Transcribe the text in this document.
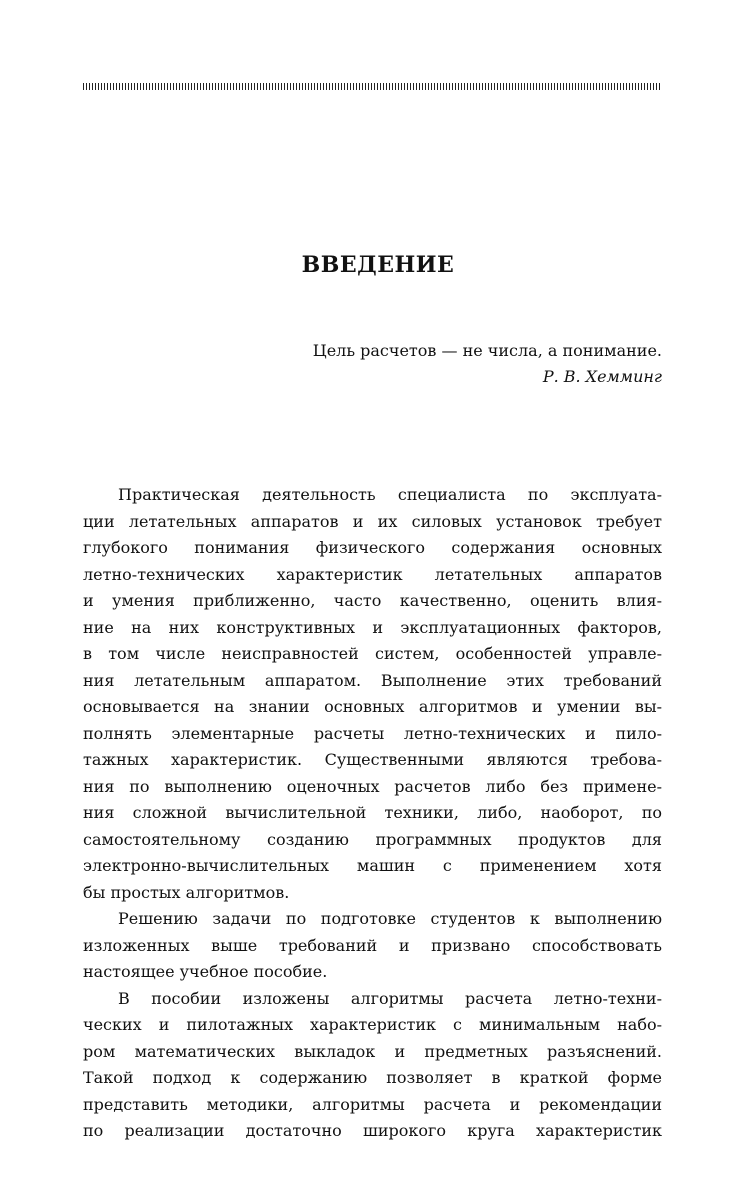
ВВЕДЕНИЕ
Цель расчетов — не числа, а понимание.
Р. В. Хемминг
Практическая деятельность специалиста по эксплуата-
ции летательных аппаратов и их силовых установок требует
глубокого понимания физического содержания основных
летно-технических характеристик летательных аппаратов
и умения приближенно, часто качественно, оценить влия-
ние на них конструктивных и эксплуатационных факторов,
в том числе неисправностей систем, особенностей управле-
ния летательным аппаратом. Выполнение этих требований
основывается на знании основных алгоритмов и умении вы-
полнять элементарные расчеты летно-технических и пило-
тажных характеристик. Существенными являются требова-
ния по выполнению оценочных расчетов либо без примене-
ния сложной вычислительной техники, либо, наоборот, по
самостоятельному созданию программных продуктов для
электронно-вычислительных машин с применением хотя
бы простых алгоритмов.
Решению задачи по подготовке студентов к выполнению
изложенных выше требований и призвано способствовать
настоящее учебное пособие.
В пособии изложены алгоритмы расчета летно-техни-
ческих и пилотажных характеристик с минимальным набо-
ром математических выкладок и предметных разъяснений.
Такой подход к содержанию позволяет в краткой форме
представить методики, алгоритмы расчета и рекомендации
по реализации достаточно широкого круга характеристик
